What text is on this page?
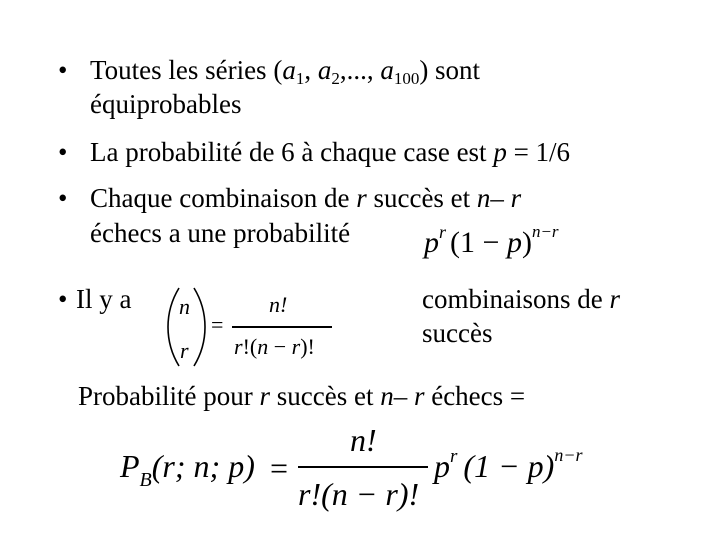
• Toutes les séries ($a_1$, $a_2$,..., $a_{100}$) sont
équiprobables
• La probabilité de 6 à chaque case est p = 1/6
• Chaque combinaison de r succès et n– r
échecs a une probabilité $p^r$ $(1 - p)^{n-r}$
• Il y a n
r
=
n!
r!(n − r)!
combinaisons de r
succès
Probabilité pour r succès et n– r échecs =
$P_B(r$; n; p) =
n!
r!(n − r)!
$p^r$ $(1 - p)^{n-r}$
